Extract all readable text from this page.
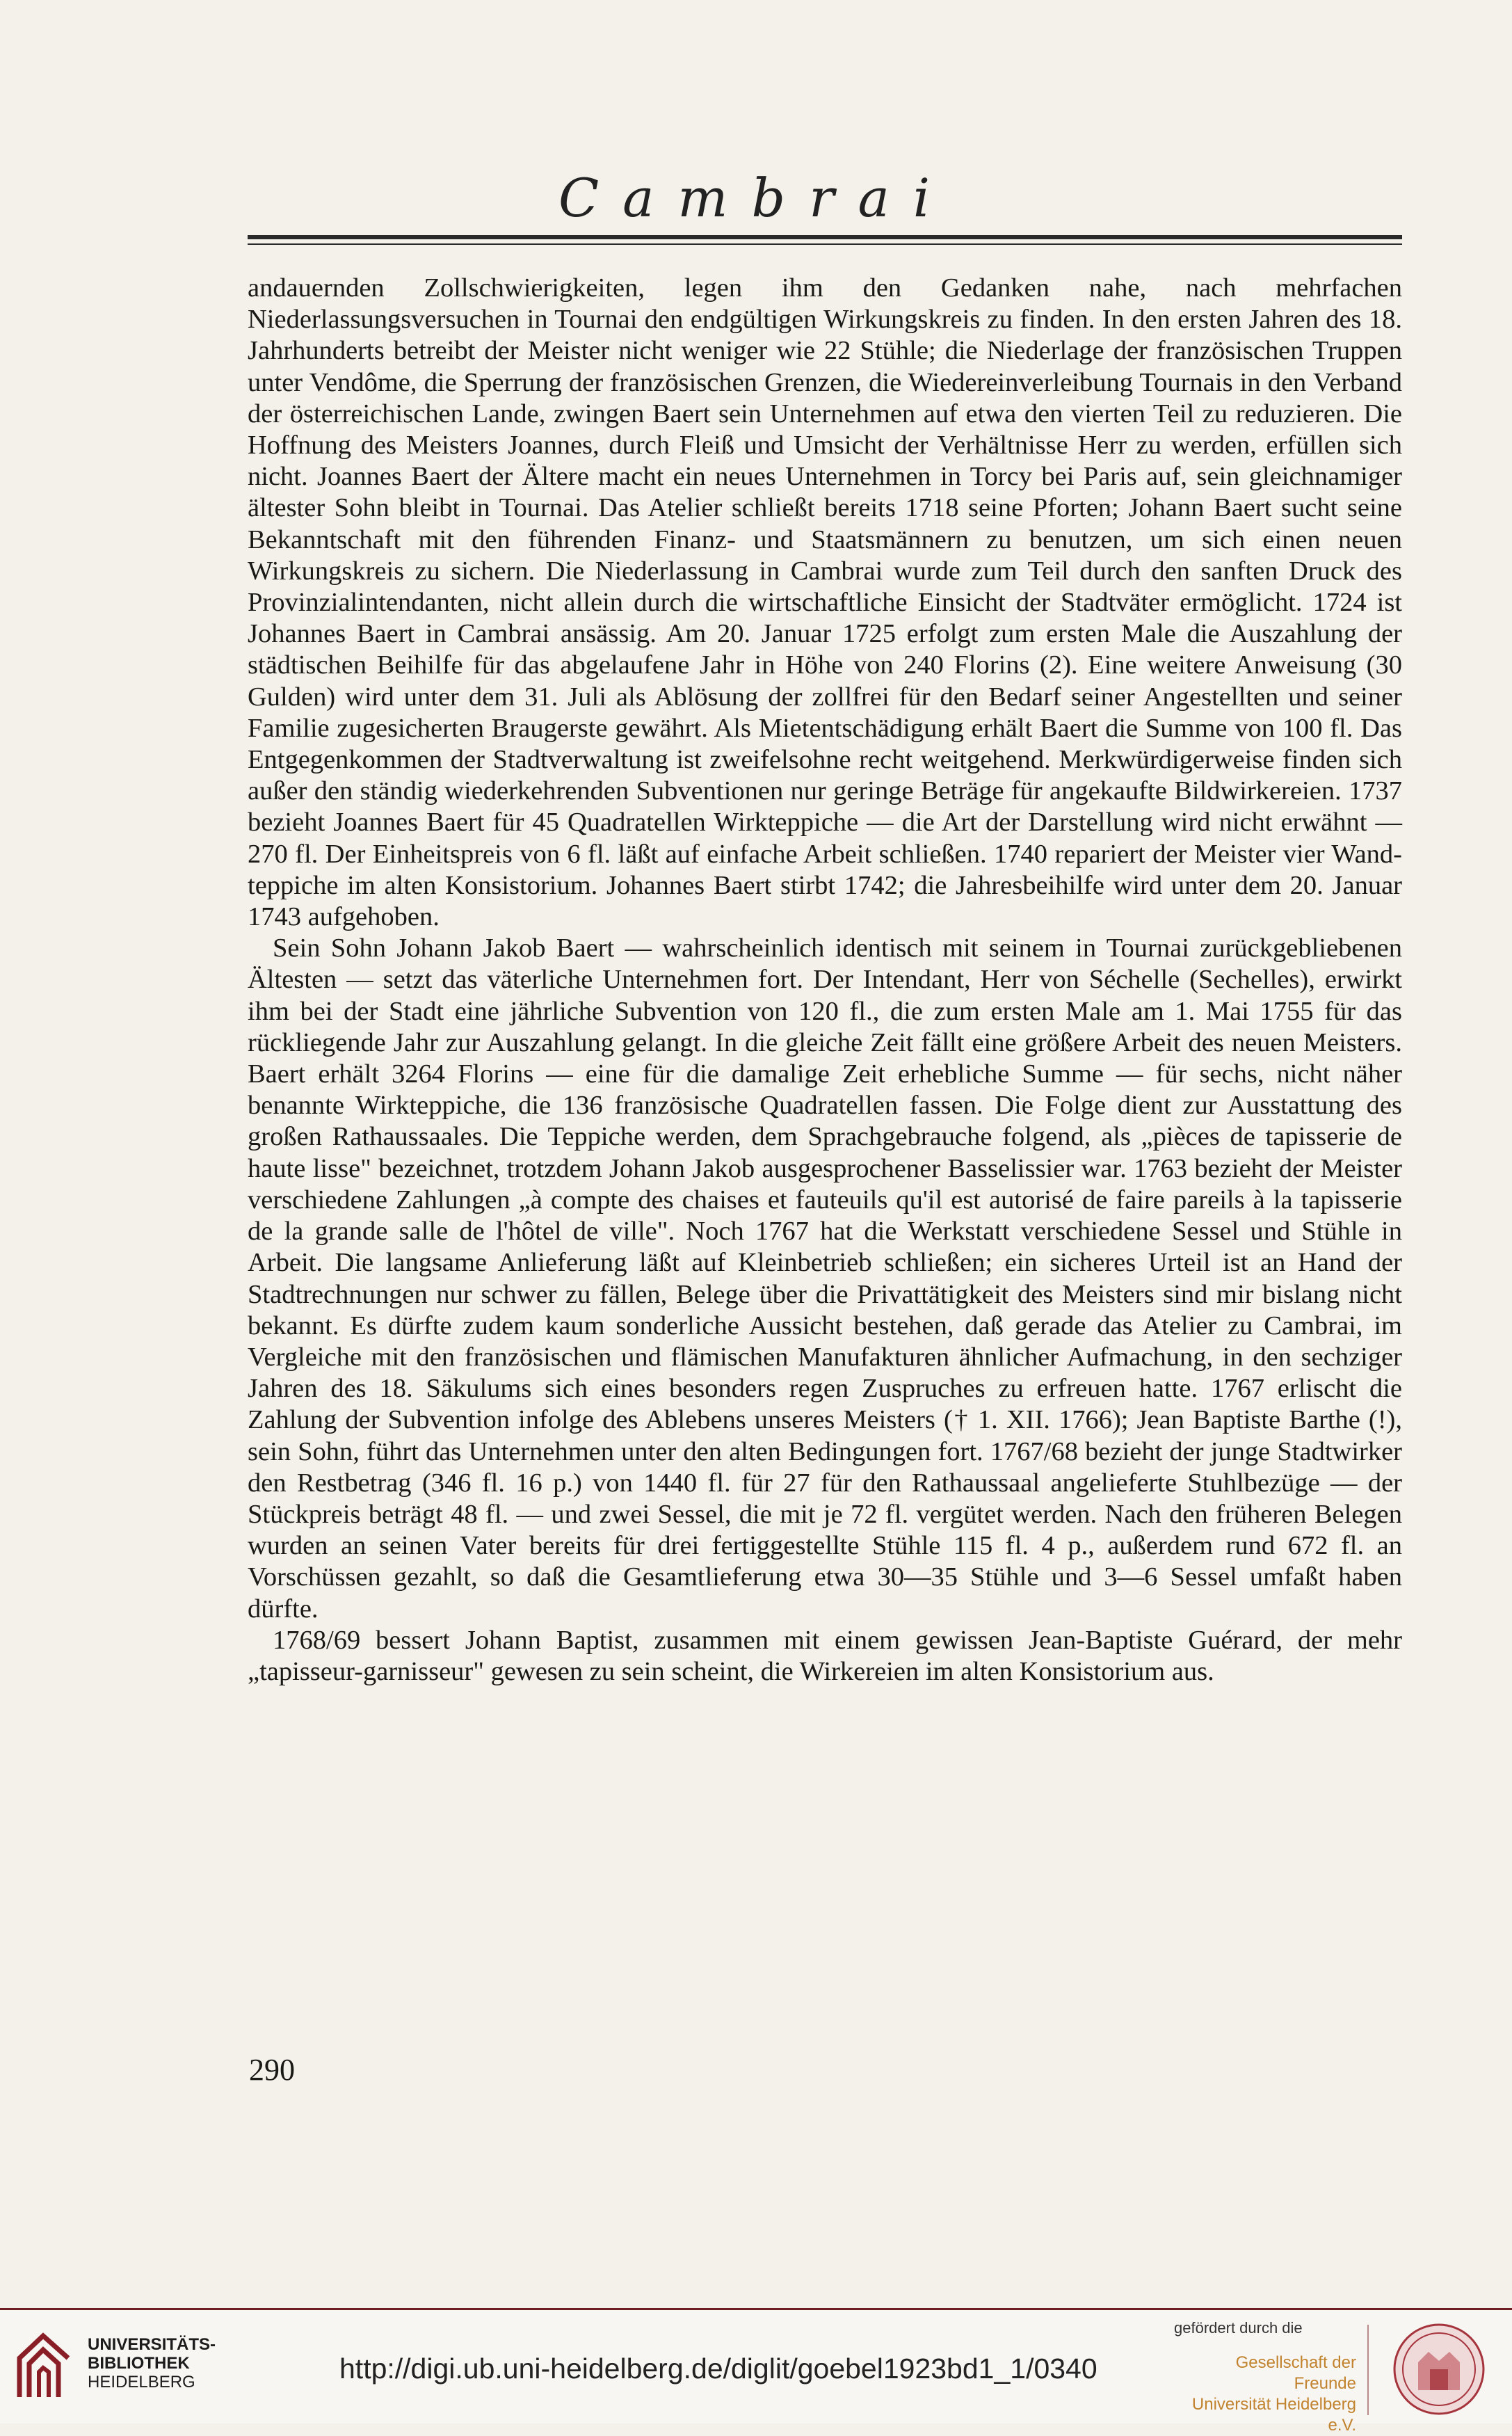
Cambrai

andauernden Zollschwierigkeiten, legen ihm den Gedanken nahe, nach mehrfachen Niederlassungsversuchen in Tournai den endgültigen Wirkungskreis zu finden. In den ersten Jahren des 18. Jahrhunderts betreibt der Meister nicht weniger wie 22 Stühle; die Niederlage der französischen Truppen unter Vendôme, die Sperrung der französischen Grenzen, die Wiedereinverleibung Tournais in den Verband der österreichischen Lande, zwingen Baert sein Unternehmen auf etwa den vierten Teil zu reduzieren. Die Hoffnung des Meisters Joannes, durch Fleiß und Umsicht der Verhältnisse Herr zu werden, erfüllen sich nicht. Joannes Baert der Ältere macht ein neues Unternehmen in Torcy bei Paris auf, sein gleichnamiger ältester Sohn bleibt in Tournai. Das Atelier schließt bereits 1718 seine Pforten; Johann Baert sucht seine Bekanntschaft mit den führenden Finanz- und Staatsmännern zu benutzen, um sich einen neuen Wirkungskreis zu sichern. Die Niederlassung in Cambrai wurde zum Teil durch den sanften Druck des Provinzialintendanten, nicht allein durch die wirtschaftliche Einsicht der Stadtväter ermöglicht. 1724 ist Johannes Baert in Cambrai ansässig. Am 20. Januar 1725 erfolgt zum ersten Male die Auszahlung der städtischen Beihilfe für das abgelaufene Jahr in Höhe von 240 Florins (2). Eine weitere Anweisung (30 Gulden) wird unter dem 31. Juli als Ablösung der zollfrei für den Bedarf seiner Angestellten und seiner Familie zugesicherten Braugerste gewährt. Als Mietentschädigung erhält Baert die Summe von 100 fl. Das Entgegenkommen der Stadtverwaltung ist zweifelsohne recht weitgehend. Merkwürdigerweise finden sich außer den ständig wiederkehrenden Subventionen nur geringe Beträge für angekaufte Bildwirkereien. 1737 bezieht Joannes Baert für 45 Quadratellen Wirkteppiche — die Art der Darstellung wird nicht erwähnt — 270 fl. Der Einheitspreis von 6 fl. läßt auf einfache Arbeit schließen. 1740 repariert der Meister vier Wandteppiche im alten Konsistorium. Johannes Baert stirbt 1742; die Jahresbeihilfe wird unter dem 20. Januar 1743 aufgehoben.

Sein Sohn Johann Jakob Baert — wahrscheinlich identisch mit seinem in Tournai zurückgebliebenen Ältesten — setzt das väterliche Unternehmen fort. Der Intendant, Herr von Séchelle (Sechelles), erwirkt ihm bei der Stadt eine jährliche Subvention von 120 fl., die zum ersten Male am 1. Mai 1755 für das rückliegende Jahr zur Auszahlung gelangt. In die gleiche Zeit fällt eine größere Arbeit des neuen Meisters. Baert erhält 3264 Florins — eine für die damalige Zeit erhebliche Summe — für sechs, nicht näher benannte Wirkteppiche, die 136 französische Quadratellen fassen. Die Folge dient zur Ausstattung des großen Rathaussaales. Die Teppiche werden, dem Sprachgebrauche folgend, als „pièces de tapisserie de haute lisse" bezeichnet, trotzdem Johann Jakob ausgesprochener Basselissier war. 1763 bezieht der Meister verschiedene Zahlungen „à compte des chaises et fauteuils qu'il est autorisé de faire pareils à la tapisserie de la grande salle de l'hôtel de ville". Noch 1767 hat die Werkstatt verschiedene Sessel und Stühle in Arbeit. Die langsame Anlieferung läßt auf Kleinbetrieb schließen; ein sicheres Urteil ist an Hand der Stadtrechnungen nur schwer zu fällen, Belege über die Privattätigkeit des Meisters sind mir bislang nicht bekannt. Es dürfte zudem kaum sonderliche Aussicht bestehen, daß gerade das Atelier zu Cambrai, im Vergleiche mit den französischen und flämischen Manufakturen ähnlicher Aufmachung, in den sechziger Jahren des 18. Säkulums sich eines besonders regen Zuspruches zu erfreuen hatte. 1767 erlischt die Zahlung der Subvention infolge des Ablebens unseres Meisters († 1. XII. 1766); Jean Baptiste Barthe (!), sein Sohn, führt das Unternehmen unter den alten Bedingungen fort. 1767/68 bezieht der junge Stadtwirker den Restbetrag (346 fl. 16 p.) von 1440 fl. für 27 für den Rathaussaal angelieferte Stuhlbezüge — der Stückpreis beträgt 48 fl. — und zwei Sessel, die mit je 72 fl. vergütet werden. Nach den früheren Belegen wurden an seinen Vater bereits für drei fertiggestellte Stühle 115 fl. 4 p., außerdem rund 672 fl. an Vorschüssen gezahlt, so daß die Gesamtlieferung etwa 30—35 Stühle und 3—6 Sessel umfaßt haben dürfte.

1768/69 bessert Johann Baptist, zusammen mit einem gewissen Jean-Baptiste Guérard, der mehr „tapisseur-garnisseur" gewesen zu sein scheint, die Wirkereien im alten Konsistorium aus.

290
UNIVERSITÄTS-
BIBLIOTHEK
HEIDELBERG	http://digi.ub.uni-heidelberg.de/diglit/goebel1923bd1_1/0340
gefördert durch die
Gesellschaft der Freunde
Universität Heidelberg e.V.
